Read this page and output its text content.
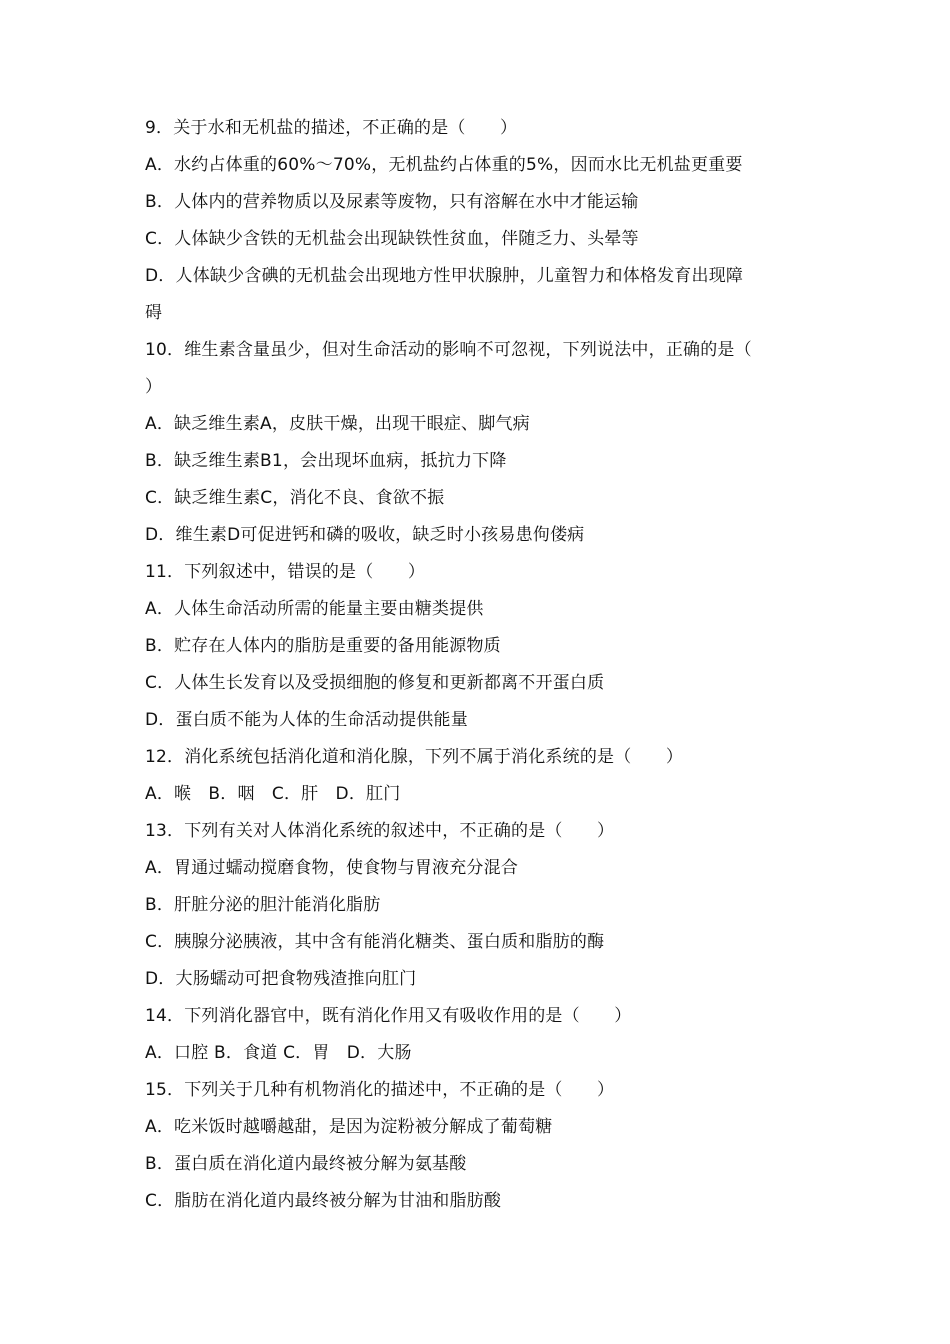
9．关于水和无机盐的描述，不正确的是（　　）
A．水约占体重的60%～70%，无机盐约占体重的5%，因而水比无机盐更重要
B．人体内的营养物质以及尿素等废物，只有溶解在水中才能运输
C．人体缺少含铁的无机盐会出现缺铁性贫血，伴随乏力、头晕等
D．人体缺少含碘的无机盐会出现地方性甲状腺肿，儿童智力和体格发育出现障
碍
10．维生素含量虽少，但对生命活动的影响不可忽视，下列说法中，正确的是（
）
A．缺乏维生素A，皮肤干燥，出现干眼症、脚气病
B．缺乏维生素B1，会出现坏血病，抵抗力下降
C．缺乏维生素C，消化不良、食欲不振
D．维生素D可促进钙和磷的吸收，缺乏时小孩易患佝偻病
11．下列叙述中，错误的是（　　）
A．人体生命活动所需的能量主要由糖类提供
B．贮存在人体内的脂肪是重要的备用能源物质
C．人体生长发育以及受损细胞的修复和更新都离不开蛋白质
D．蛋白质不能为人体的生命活动提供能量
12．消化系统包括消化道和消化腺，下列不属于消化系统的是（　　）
A．喉　B．咽　C．肝　D．肛门
13．下列有关对人体消化系统的叙述中，不正确的是（　　）
A．胃通过蠕动搅磨食物，使食物与胃液充分混合
B．肝脏分泌的胆汁能消化脂肪
C．胰腺分泌胰液，其中含有能消化糖类、蛋白质和脂肪的酶
D．大肠蠕动可把食物残渣推向肛门
14．下列消化器官中，既有消化作用又有吸收作用的是（　　）
A．口腔 B．食道 C．胃　D．大肠
15．下列关于几种有机物消化的描述中，不正确的是（　　）
A．吃米饭时越嚼越甜，是因为淀粉被分解成了葡萄糖
B．蛋白质在消化道内最终被分解为氨基酸
C．脂肪在消化道内最终被分解为甘油和脂肪酸
